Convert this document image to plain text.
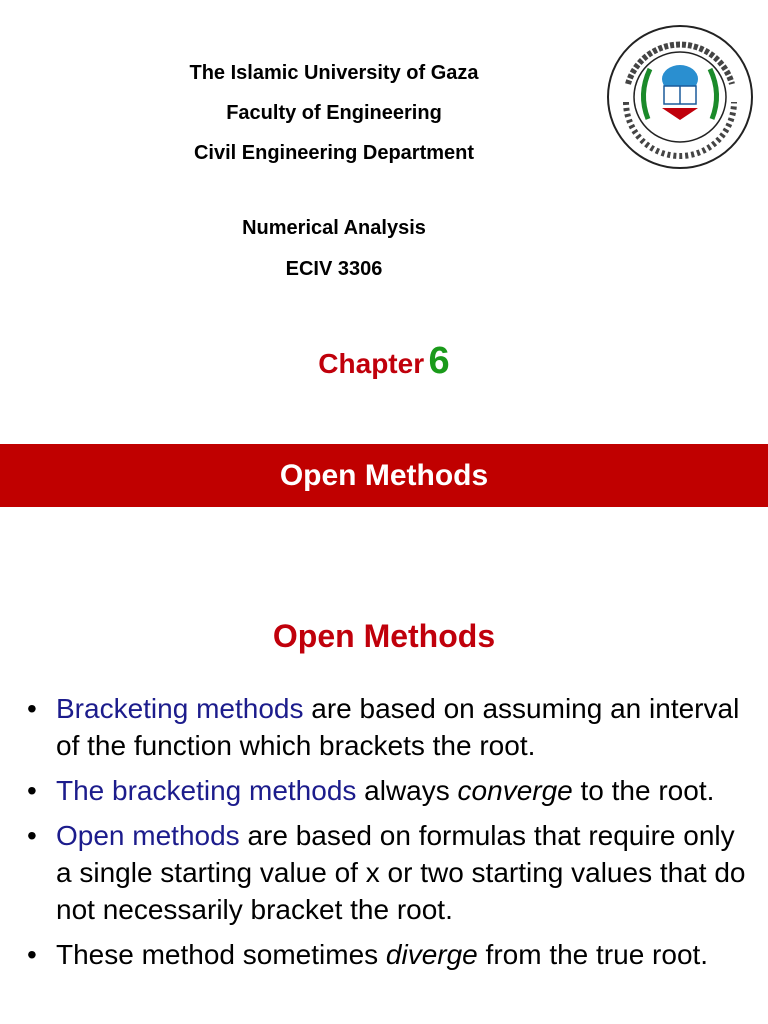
The Islamic University of Gaza
Faculty of Engineering
Civil Engineering Department
Numerical Analysis
ECIV 3306
Chapter 6
Open Methods
Open Methods
• Bracketing methods are based on assuming an interval of the function which brackets the root.
• The bracketing methods always converge to the root.
• Open methods are based on formulas that require only a single starting value of x or two starting values that do not necessarily bracket the root.
• These method sometimes diverge from the true root.
